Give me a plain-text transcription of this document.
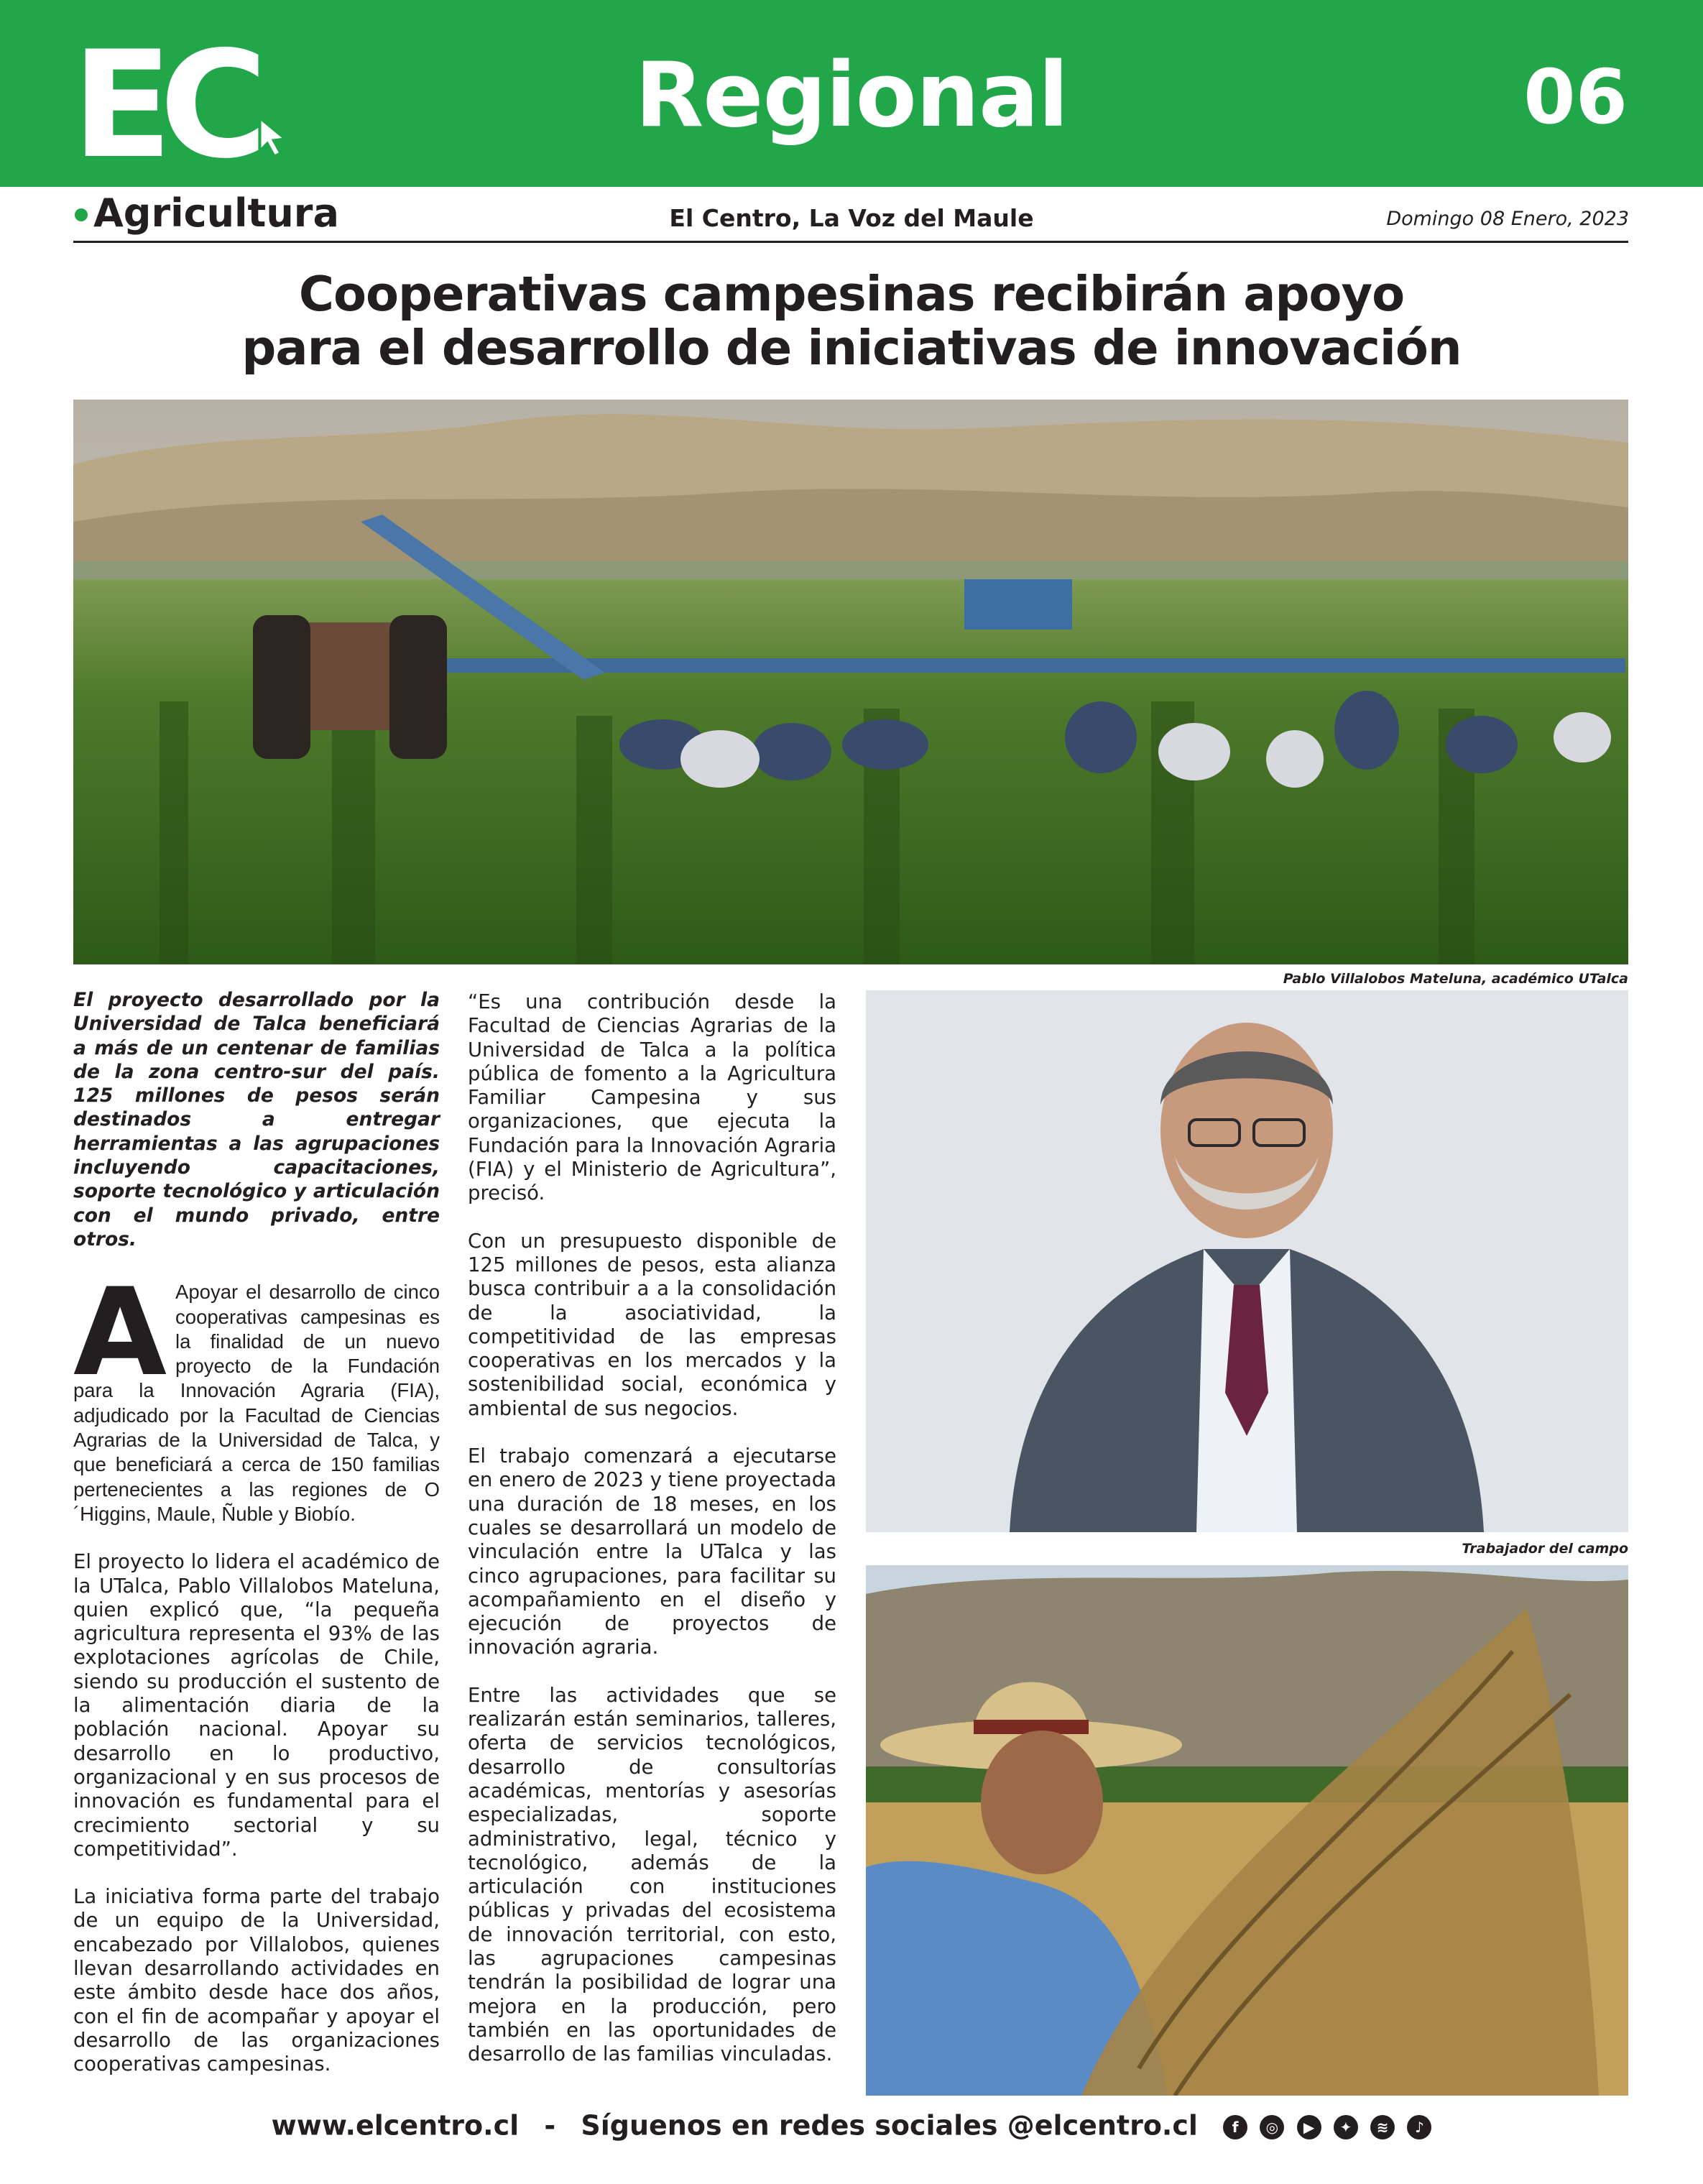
EC	Regional	06
Agricultura	El Centro, La Voz del Maule	Domingo 08 Enero, 2023
Cooperativas campesinas recibirán apoyo
para el desarrollo de iniciativas de innovación
Pablo Villalobos Mateluna, académico UTalca
Trabajador del campo

El proyecto desarrollado por la Universidad de Talca beneficiará a más de un centenar de familias de la zona centro-sur del país. 125 millones de pesos serán destinados a entregar herramientas a las agrupaciones incluyendo capacitaciones, soporte tecnológico y articulación con el mundo privado, entre otros.

A Apoyar el desarrollo de cinco cooperativas campesinas es la finalidad de un nuevo proyecto de la Fundación para la Innovación Agraria (FIA), adjudicado por la Facultad de Ciencias Agrarias de la Universidad de Talca, y que beneficiará a cerca de 150 familias pertenecientes a las regiones de O´Higgins, Maule, Ñuble y Biobío.

El proyecto lo lidera el académico de la UTalca, Pablo Villalobos Mateluna, quien explicó que, “la pequeña agricultura representa el 93% de las explotaciones agrícolas de Chile, siendo su producción el sustento de la alimentación diaria de la población nacional. Apoyar su desarrollo en lo productivo, organizacional y en sus procesos de innovación es fundamental para el crecimiento sectorial y su competitividad”.

La iniciativa forma parte del trabajo de un equipo de la Universidad, encabezado por Villalobos, quienes llevan desarrollando actividades en este ámbito desde hace dos años, con el fin de acompañar y apoyar el desarrollo de las organizaciones cooperativas campesinas.

“Es una contribución desde la Facultad de Ciencias Agrarias de la Universidad de Talca a la política pública de fomento a la Agricultura Familiar Campesina y sus organizaciones, que ejecuta la Fundación para la Innovación Agraria (FIA) y el Ministerio de Agricultura”, precisó.

Con un presupuesto disponible de 125 millones de pesos, esta alianza busca contribuir a a la consolidación de la asociatividad, la competitividad de las empresas cooperativas en los mercados y la sostenibilidad social, económica y ambiental de sus negocios.

El trabajo comenzará a ejecutarse en enero de 2023 y tiene proyectada una duración de 18 meses, en los cuales se desarrollará un modelo de vinculación entre la UTalca y las cinco agrupaciones, para facilitar su acompañamiento en el diseño y ejecución de proyectos de innovación agraria.

Entre las actividades que se realizarán están seminarios, talleres, oferta de servicios tecnológicos, desarrollo de consultorías académicas, mentorías y asesorías especializadas, soporte administrativo, legal, técnico y tecnológico, además de la articulación con instituciones públicas y privadas del ecosistema de innovación territorial, con esto, las agrupaciones campesinas tendrán la posibilidad de lograr una mejora en la producción, pero también en las oportunidades de desarrollo de las familias vinculadas.

www.elcentro.cl - Síguenos en redes sociales @elcentro.cl f ◎ ▶ ✦ ≋ ♪
